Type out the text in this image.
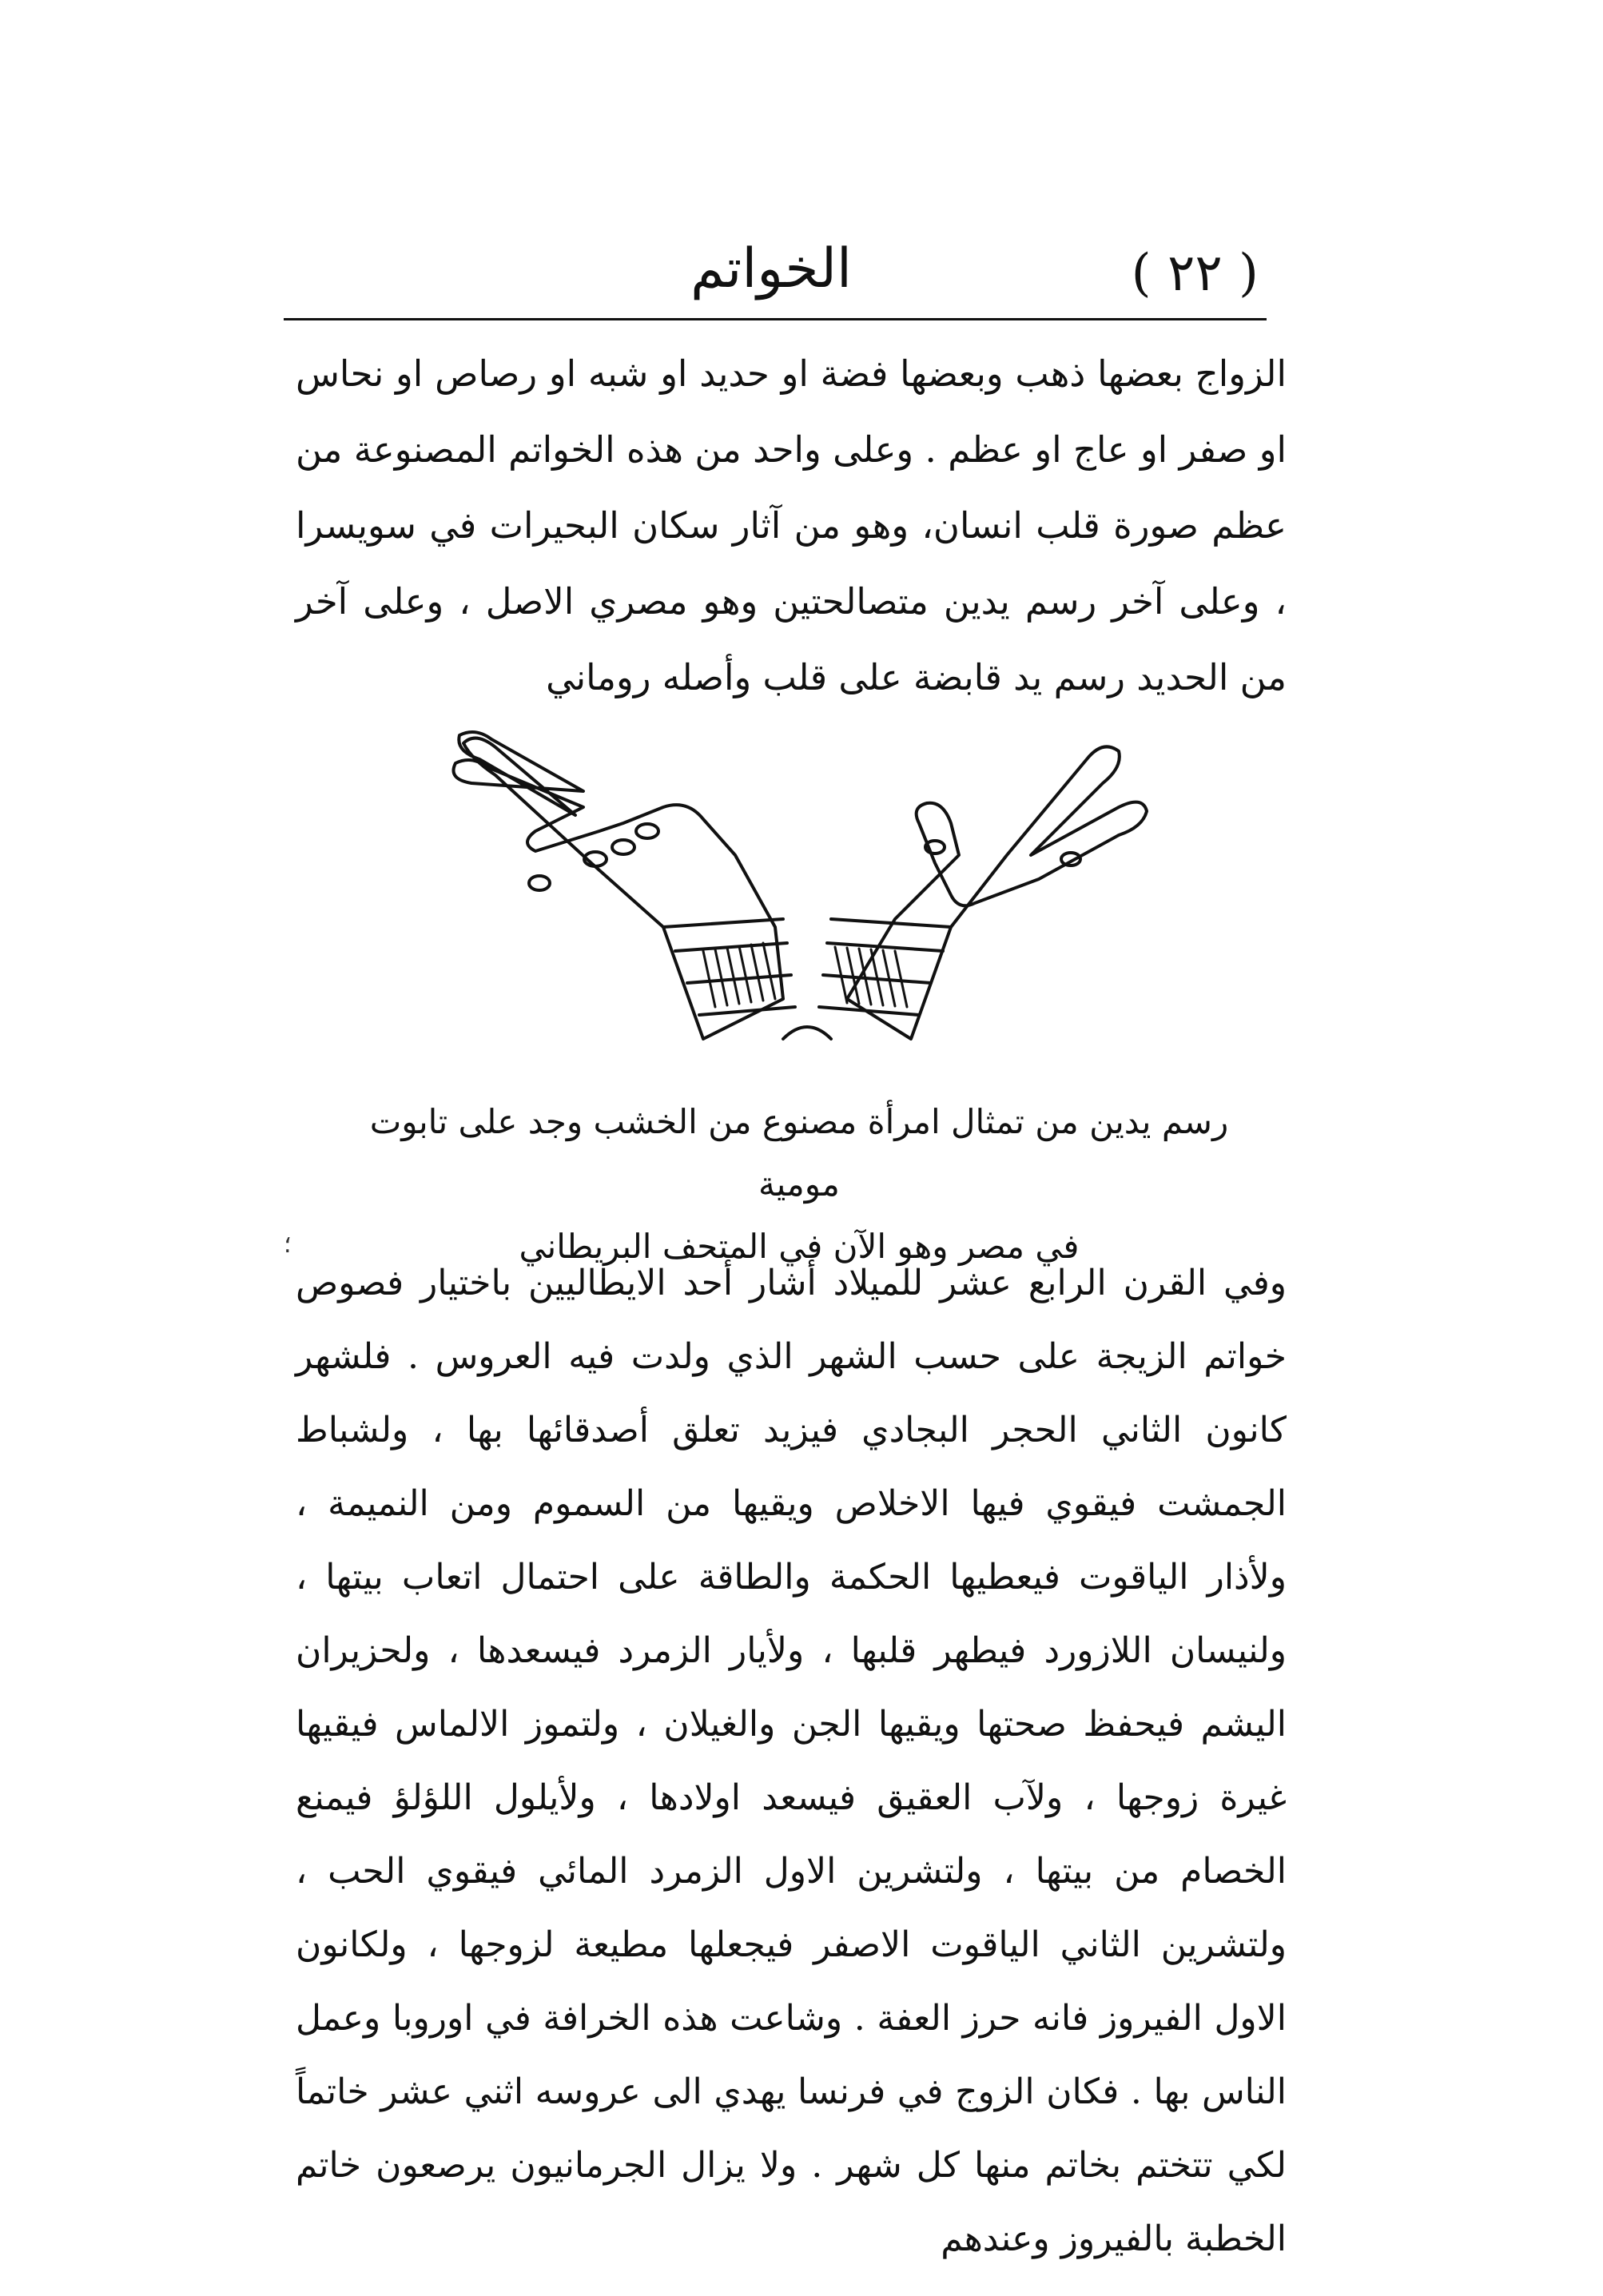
( ٢٢ )
الخواتم

الزواج بعضها ذهب وبعضها فضة او حديد او شبه او رصاص او نحاس او صفر او عاج او عظم . وعلى واحد من هذه الخواتم المصنوعة من عظم صورة قلب انسان، وهو من آثار سكان البحيرات في سويسرا ، وعلى آخر رسم يدين متصالحتين وهو مصري الاصل ، وعلى آخر من الحديد رسم يد قابضة على قلب وأصله روماني

رسم يدين من تمثال امرأة مصنوع من الخشب وجد على تابوت مومية
في مصر وهو الآن في المتحف البريطاني
؛

وفي القرن الرابع عشر للميلاد أشار أحد الايطاليين باختيار فصوص خواتم الزيجة على حسب الشهر الذي ولدت فيه العروس . فلشهر كانون الثاني الحجر البجادي فيزيد تعلق أصدقائها بها ، ولشباط الجمشت فيقوي فيها الاخلاص ويقيها من السموم ومن النميمة ، ولأذار الياقوت فيعطيها الحكمة والطاقة على احتمال اتعاب بيتها ، ولنيسان اللازورد فيطهر قلبها ، ولأيار الزمرد فيسعدها ، ولحزيران اليشم فيحفظ صحتها ويقيها الجن والغيلان ، ولتموز الالماس فيقيها غيرة زوجها ، ولآب العقيق فيسعد اولادها ، ولأيلول اللؤلؤ فيمنع الخصام من بيتها ، ولتشرين الاول الزمرد المائي فيقوي الحب ، ولتشرين الثاني الياقوت الاصفر فيجعلها مطيعة لزوجها ، ولكانون الاول الفيروز فانه حرز العفة . وشاعت هذه الخرافة في اوروبا وعمل الناس بها . فكان الزوج في فرنسا يهدي الى عروسه اثني عشر خاتماً لكي تتختم بخاتم منها كل شهر . ولا يزال الجرمانيون يرصعون خاتم الخطبة بالفيروز وعندهم
